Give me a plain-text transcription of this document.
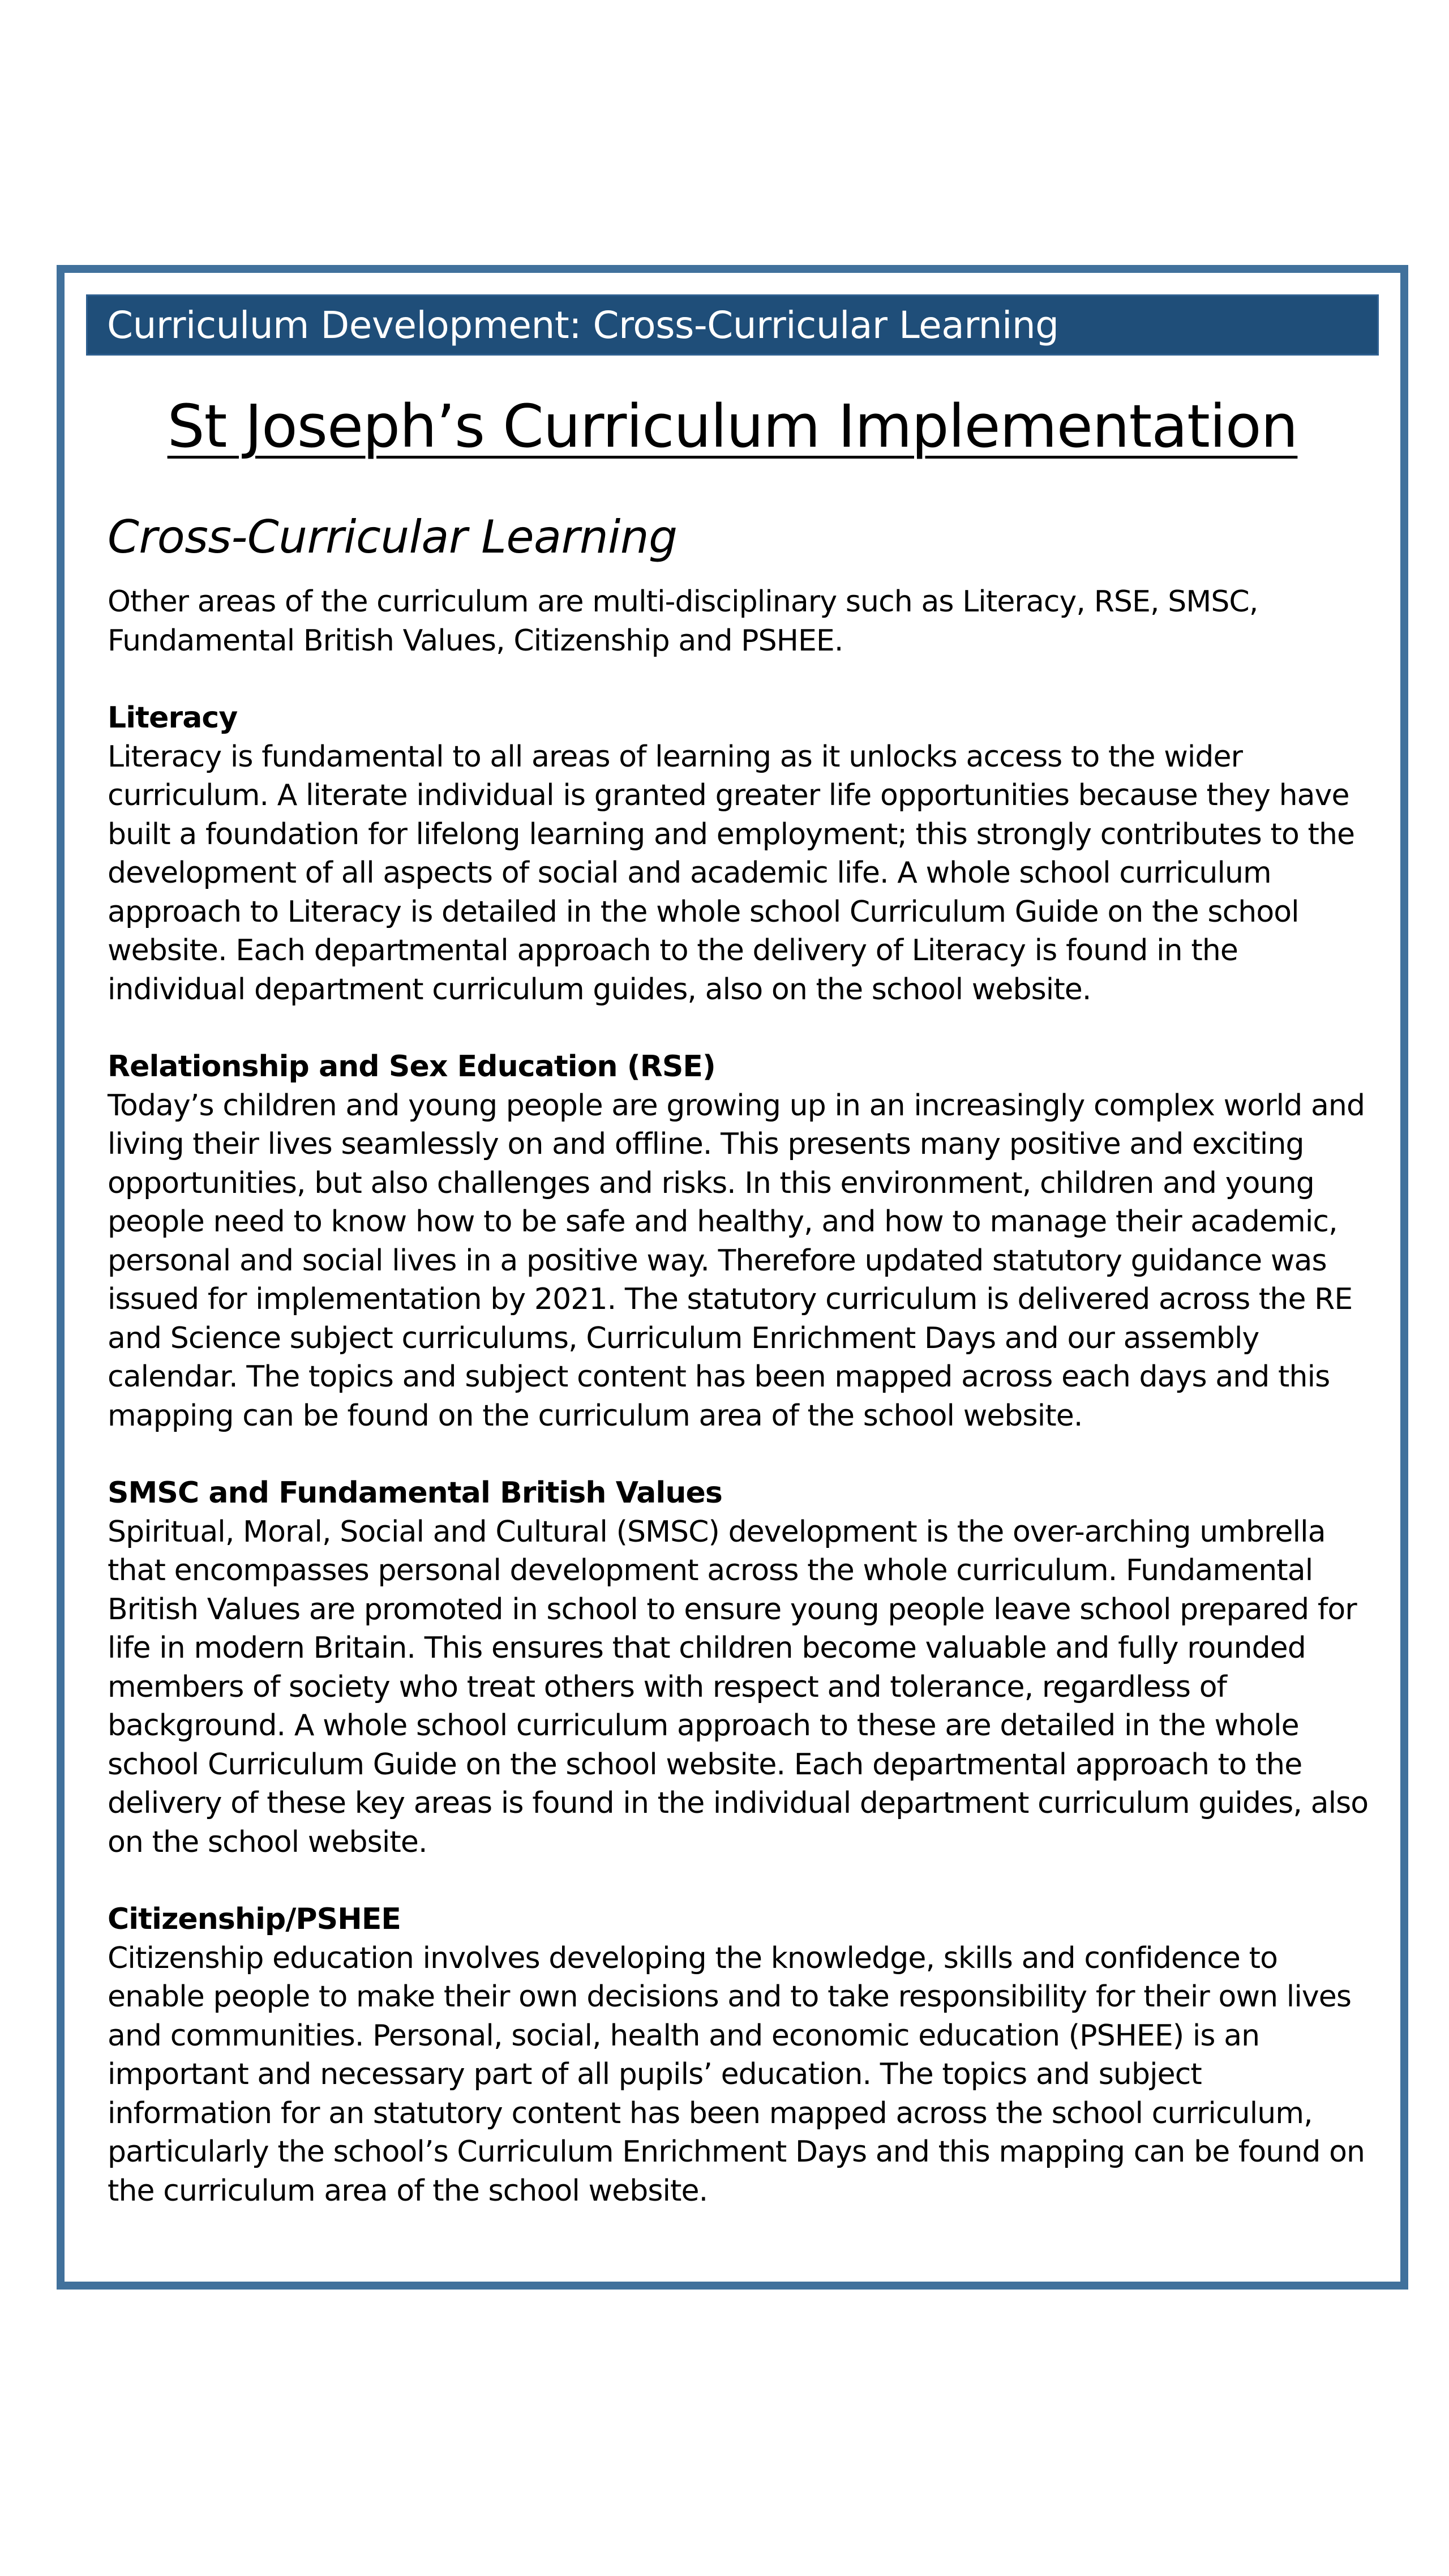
Curriculum Development: Cross-Curricular Learning
St Joseph’s Curriculum Implementation
Cross-Curricular Learning

Other areas of the curriculum are multi-disciplinary such as Literacy, RSE, SMSC, Fundamental British Values, Citizenship and PSHEE.

Literacy
Literacy is fundamental to all areas of learning as it unlocks access to the wider curriculum. A literate individual is granted greater life opportunities because they have built a foundation for lifelong learning and employment; this strongly contributes to the development of all aspects of social and academic life. A whole school curriculum approach to Literacy is detailed in the whole school Curriculum Guide on the school website. Each departmental approach to the delivery of Literacy is found in the individual department curriculum guides, also on the school website.

Relationship and Sex Education (RSE)
Today’s children and young people are growing up in an increasingly complex world and living their lives seamlessly on and offline. This presents many positive and exciting opportunities, but also challenges and risks. In this environment, children and young people need to know how to be safe and healthy, and how to manage their academic, personal and social lives in a positive way. Therefore updated statutory guidance was issued for implementation by 2021. The statutory curriculum is delivered across the RE and Science subject curriculums, Curriculum Enrichment Days and our assembly calendar. The topics and subject content has been mapped across each days and this mapping can be found on the curriculum area of the school website.

SMSC and Fundamental British Values
Spiritual, Moral, Social and Cultural (SMSC) development is the over-arching umbrella that encompasses personal development across the whole curriculum. Fundamental British Values are promoted in school to ensure young people leave school prepared for life in modern Britain. This ensures that children become valuable and fully rounded members of society who treat others with respect and tolerance, regardless of background. A whole school curriculum approach to these are detailed in the whole school Curriculum Guide on the school website. Each departmental approach to the delivery of these key areas is found in the individual department curriculum guides, also on the school website.

Citizenship/PSHEE
Citizenship education involves developing the knowledge, skills and confidence to enable people to make their own decisions and to take responsibility for their own lives and communities. Personal, social, health and economic education (PSHEE) is an important and necessary part of all pupils’ education. The topics and subject information for an statutory content has been mapped across the school curriculum, particularly the school’s Curriculum Enrichment Days and this mapping can be found on the curriculum area of the school website.
